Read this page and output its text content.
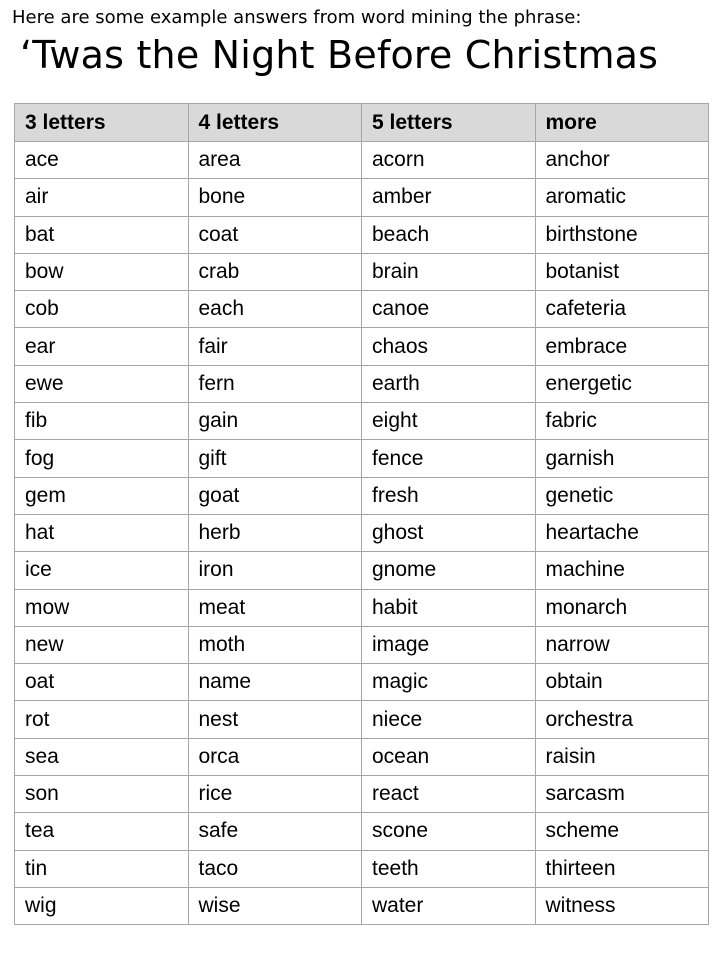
Here are some example answers from word mining the phrase:
‘Twas the Night Before Christmas
3 letters	4 letters	5 letters	more
ace	area	acorn	anchor
air	bone	amber	aromatic
bat	coat	beach	birthstone
bow	crab	brain	botanist
cob	each	canoe	cafeteria
ear	fair	chaos	embrace
ewe	fern	earth	energetic
fib	gain	eight	fabric
fog	gift	fence	garnish
gem	goat	fresh	genetic
hat	herb	ghost	heartache
ice	iron	gnome	machine
mow	meat	habit	monarch
new	moth	image	narrow
oat	name	magic	obtain
rot	nest	niece	orchestra
sea	orca	ocean	raisin
son	rice	react	sarcasm
tea	safe	scone	scheme
tin	taco	teeth	thirteen
wig	wise	water	witness
